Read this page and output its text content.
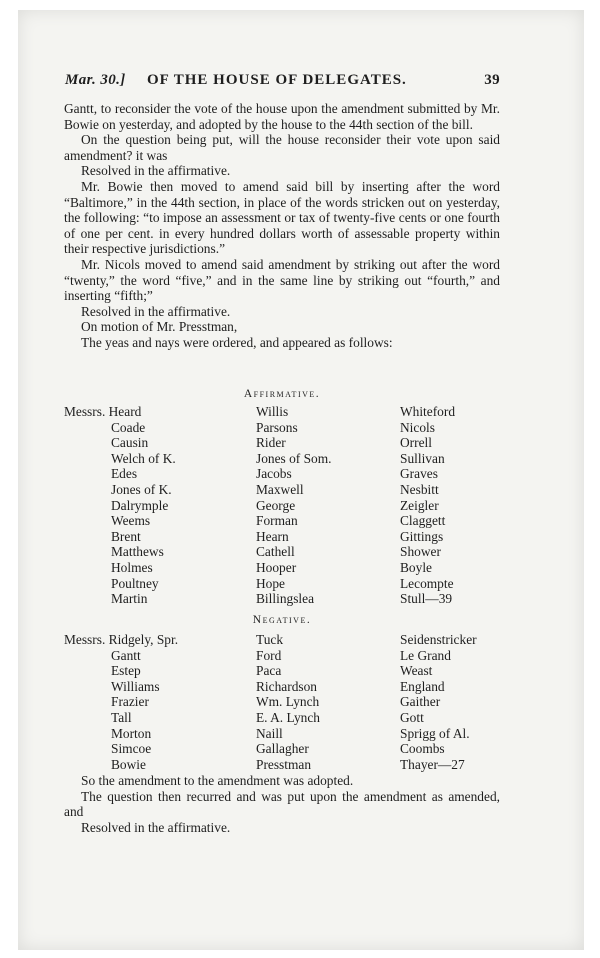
Mar. 30.] OF THE HOUSE OF DELEGATES.	39

Gantt, to reconsider the vote of the house upon the amendment submitted by Mr. Bowie on yesterday, and adopted by the house to the 44th section of the bill.

On the question being put, will the house reconsider their vote upon said amendment? it was

Resolved in the affirmative.

Mr. Bowie then moved to amend said bill by inserting after the word “Baltimore,” in the 44th section, in place of the words stricken out on yesterday, the following: “to impose an assessment or tax of twenty-five cents or one fourth of one per cent. in every hundred dollars worth of assessable property within their respective jurisdictions.”

Mr. Nicols moved to amend said amendment by striking out after the word “twenty,” the word “five,” and in the same line by striking out “fourth,” and inserting “fifth;”

Resolved in the affirmative.

On motion of Mr. Presstman,

The yeas and nays were ordered, and appeared as follows:

Affirmative.
Messrs. Heard
Coade
Causin
Welch of K.
Edes
Jones of K.
Dalrymple
Weems
Brent
Matthews
Holmes
Poultney
Martin
Willis
Parsons
Rider
Jones of Som.
Jacobs
Maxwell
George
Forman
Hearn
Cathell
Hooper
Hope
Billingslea
Whiteford
Nicols
Orrell
Sullivan
Graves
Nesbitt
Zeigler
Claggett
Gittings
Shower
Boyle
Lecompte
Stull—39
Negative.
Messrs. Ridgely, Spr.
Gantt
Estep
Williams
Frazier
Tall
Morton
Simcoe
Bowie
Tuck
Ford
Paca
Richardson
Wm. Lynch
E. A. Lynch
Naill
Gallagher
Presstman
Seidenstricker
Le Grand
Weast
England
Gaither
Gott
Sprigg of Al.
Coombs
Thayer—27

So the amendment to the amendment was adopted.

The question then recurred and was put upon the amendment as amended, and

Resolved in the affirmative.
